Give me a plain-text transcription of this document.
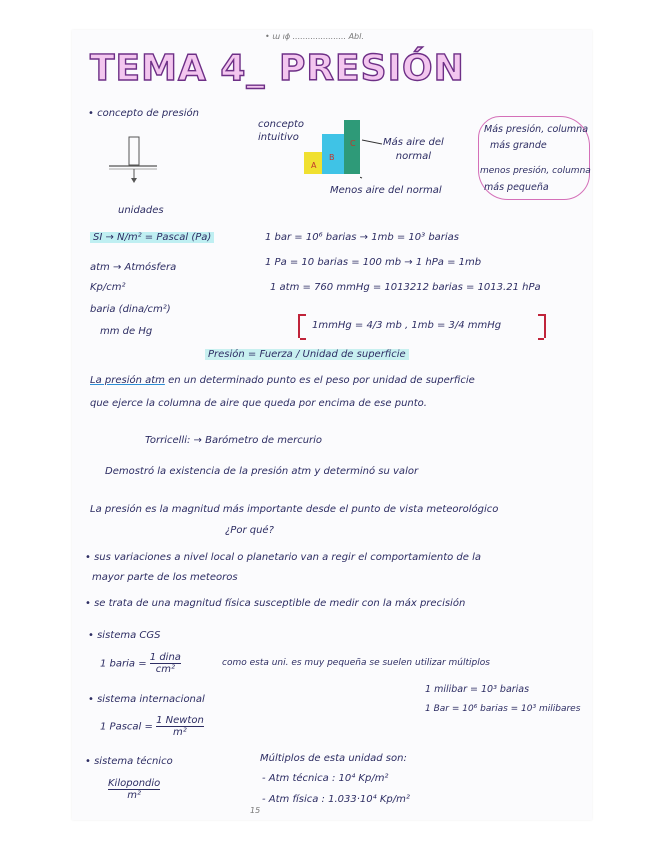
• ɯ ıɸ ..................... Abl.
TEMA 4_ PRESIÓN
• concepto de presión
unidades
concepto
intuitivo
A
B
C	Más aire del
normal
Menos aire del normal
Más presión, columna
más grande
menos presión, columna
más pequeña
SI → N/m² = Pascal (Pa)
atm → Atmósfera
Kp/cm²
baria (dina/cm²)
mm de Hg
1 bar = 10⁶ barias → 1mb = 10³ barias
1 Pa = 10 barias = 100 mb → 1 hPa = 1mb
1 atm = 760 mmHg = 1013212 barias = 1013.21 hPa
1mmHg = 4/3 mb , 1mb = 3/4 mmHg
Presión = Fuerza / Unidad de superficie
La presión atm en un determinado punto es el peso por unidad de superficie
que ejerce la columna de aire que queda por encima de ese punto.
Torricelli: → Barómetro de mercurio
Demostró la existencia de la presión atm y determinó su valor
La presión es la magnitud más importante desde el punto de vista meteorológico
¿Por qué?
• sus variaciones a nivel local o planetario van a regir el comportamiento de la
mayor parte de los meteoros
• se trata de una magnitud física susceptible de medir con la máx precisión
• sistema CGS
1 baria = $\frac{\text{1 dina}}{\text{cm²}}$	como esta uni. es muy pequeña se suelen utilizar múltiplos
1 milibar = 10³ barias
1 Bar = 10⁶ barias = 10³ milibares
• sistema internacional
1 Pascal = $\frac{\text{1 Newton}}{\text{m²}}$
• sistema técnico
$\frac{\text{Kilopondio}}{\text{m²}}$
Múltiplos de esta unidad son:
- Atm técnica : 10⁴ Kp/m²
- Atm física : 1.033·10⁴ Kp/m²
15
